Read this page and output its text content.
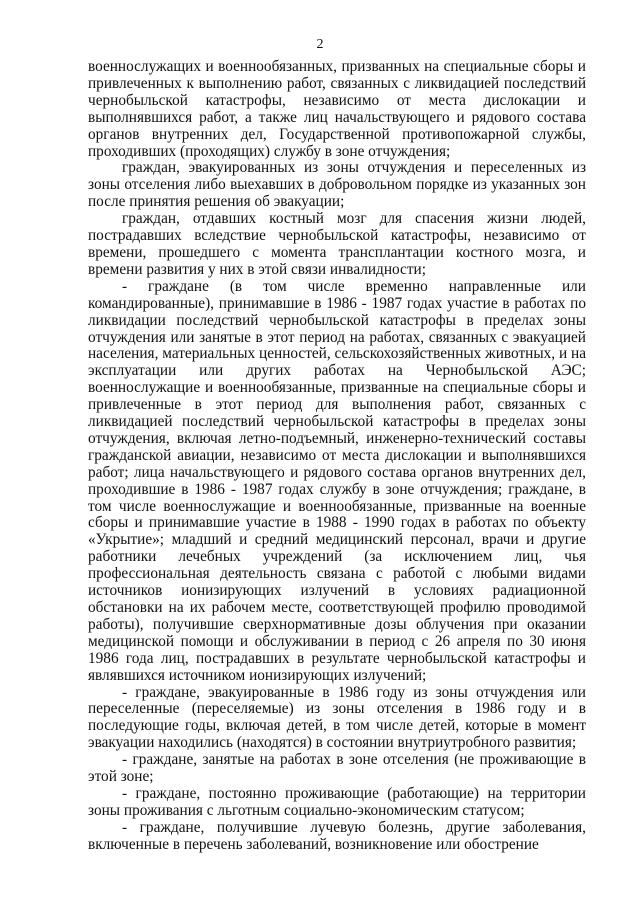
2

военнослужащих и военнообязанных, призванных на специальные сборы и привлеченных к выполнению работ, связанных с ликвидацией последствий чернобыльской катастрофы, независимо от места дислокации и выполнявшихся работ, а также лиц начальствующего и рядового состава органов внутренних дел, Государственной противопожарной службы, проходивших (проходящих) службу в зоне отчуждения;

граждан, эвакуированных из зоны отчуждения и переселенных из зоны отселения либо выехавших в добровольном порядке из указанных зон после принятия решения об эвакуации;

граждан, отдавших костный мозг для спасения жизни людей, пострадавших вследствие чернобыльской катастрофы, независимо от времени, прошедшего с момента трансплантации костного мозга, и времени развития у них в этой связи инвалидности;

- граждане (в том числе временно направленные или командированные), принимавшие в 1986 - 1987 годах участие в работах по ликвидации последствий чернобыльской катастрофы в пределах зоны отчуждения или занятые в этот период на работах, связанных с эвакуацией населения, материальных ценностей, сельскохозяйственных животных, и на эксплуатации или других работах на Чернобыльской АЭС; военнослужащие и военнообязанные, призванные на специальные сборы и привлеченные в этот период для выполнения работ, связанных с ликвидацией последствий чернобыльской катастрофы в пределах зоны отчуждения, включая летно-подъемный, инженерно-технический составы гражданской авиации, независимо от места дислокации и выполнявшихся работ; лица начальствующего и рядового состава органов внутренних дел, проходившие в 1986 - 1987 годах службу в зоне отчуждения; граждане, в том числе военнослужащие и военнообязанные, призванные на военные сборы и принимавшие участие в 1988 - 1990 годах в работах по объекту «Укрытие»; младший и средний медицинский персонал, врачи и другие работники лечебных учреждений (за исключением лиц, чья профессиональная деятельность связана с работой с любыми видами источников ионизирующих излучений в условиях радиационной обстановки на их рабочем месте, соответствующей профилю проводимой работы), получившие сверхнормативные дозы облучения при оказании медицинской помощи и обслуживании в период с 26 апреля по 30 июня 1986 года лиц, пострадавших в результате чернобыльской катастрофы и являвшихся источником ионизирующих излучений;

- граждане, эвакуированные в 1986 году из зоны отчуждения или переселенные (переселяемые) из зоны отселения в 1986 году и в последующие годы, включая детей, в том числе детей, которые в момент эвакуации находились (находятся) в состоянии внутриутробного развития;

- граждане, занятые на работах в зоне отселения (не проживающие в этой зоне;

- граждане, постоянно проживающие (работающие) на территории зоны проживания с льготным социально-экономическим статусом;

- граждане, получившие лучевую болезнь, другие заболевания, включенные в перечень заболеваний, возникновение или обострение
